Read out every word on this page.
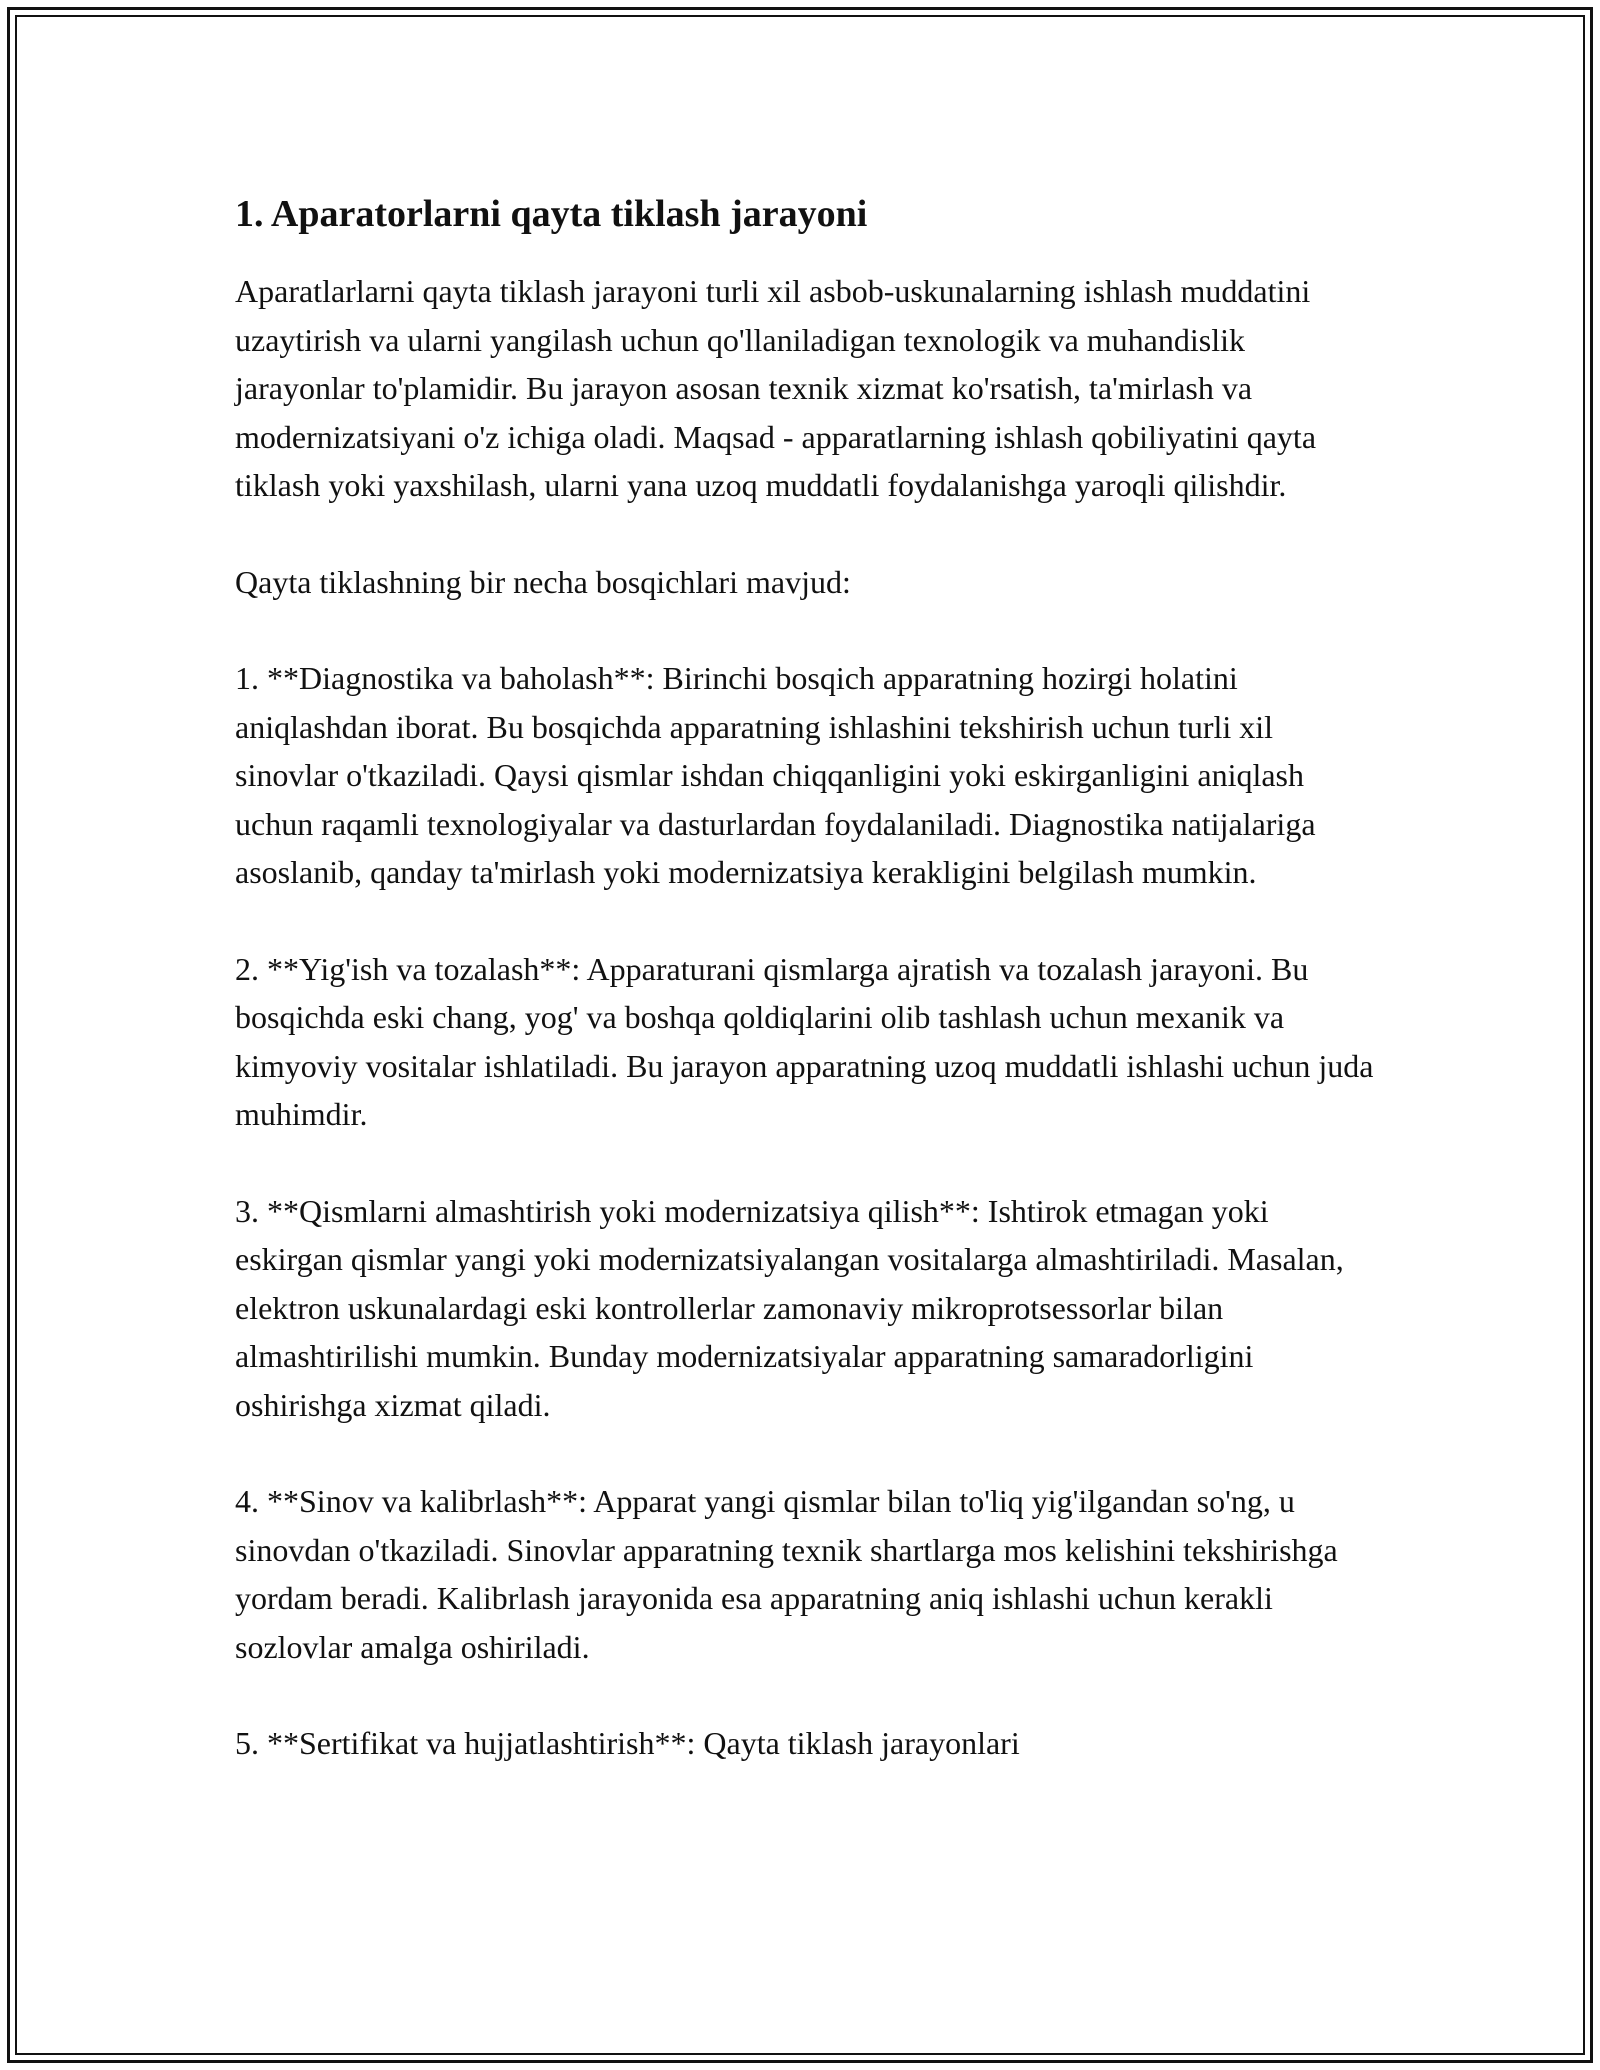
1. Aparatorlarni qayta tiklash jarayoni

Aparatlarlarni qayta tiklash jarayoni turli xil asbob-uskunalarning ishlash muddatini uzaytirish va ularni yangilash uchun qo'llaniladigan texnologik va muhandislik jarayonlar to'plamidir. Bu jarayon asosan texnik xizmat ko'rsatish, ta'mirlash va modernizatsiyani o'z ichiga oladi. Maqsad - apparatlarning ishlash qobiliyatini qayta tiklash yoki yaxshilash, ularni yana uzoq muddatli foydalanishga yaroqli qilishdir.

Qayta tiklashning bir necha bosqichlari mavjud:

1. **Diagnostika va baholash**: Birinchi bosqich apparatning hozirgi holatini aniqlashdan iborat. Bu bosqichda apparatning ishlashini tekshirish uchun turli xil sinovlar o'tkaziladi. Qaysi qismlar ishdan chiqqanligini yoki eskirganligini aniqlash uchun raqamli texnologiyalar va dasturlardan foydalaniladi. Diagnostika natijalariga asoslanib, qanday ta'mirlash yoki modernizatsiya kerakligini belgilash mumkin.

2. **Yig'ish va tozalash**: Apparaturani qismlarga ajratish va tozalash jarayoni. Bu bosqichda eski chang, yog' va boshqa qoldiqlarini olib tashlash uchun mexanik va kimyoviy vositalar ishlatiladi. Bu jarayon apparatning uzoq muddatli ishlashi uchun juda muhimdir.

3. **Qismlarni almashtirish yoki modernizatsiya qilish**: Ishtirok etmagan yoki eskirgan qismlar yangi yoki modernizatsiyalangan vositalarga almashtiriladi. Masalan, elektron uskunalardagi eski kontrollerlar zamonaviy mikroprotsessorlar bilan almashtirilishi mumkin. Bunday modernizatsiyalar apparatning samaradorligini oshirishga xizmat qiladi.

4. **Sinov va kalibrlash**: Apparat yangi qismlar bilan to'liq yig'ilgandan so'ng, u sinovdan o'tkaziladi. Sinovlar apparatning texnik shartlarga mos kelishini tekshirishga yordam beradi. Kalibrlash jarayonida esa apparatning aniq ishlashi uchun kerakli sozlovlar amalga oshiriladi.

5. **Sertifikat va hujjatlashtirish**: Qayta tiklash jarayonlari
